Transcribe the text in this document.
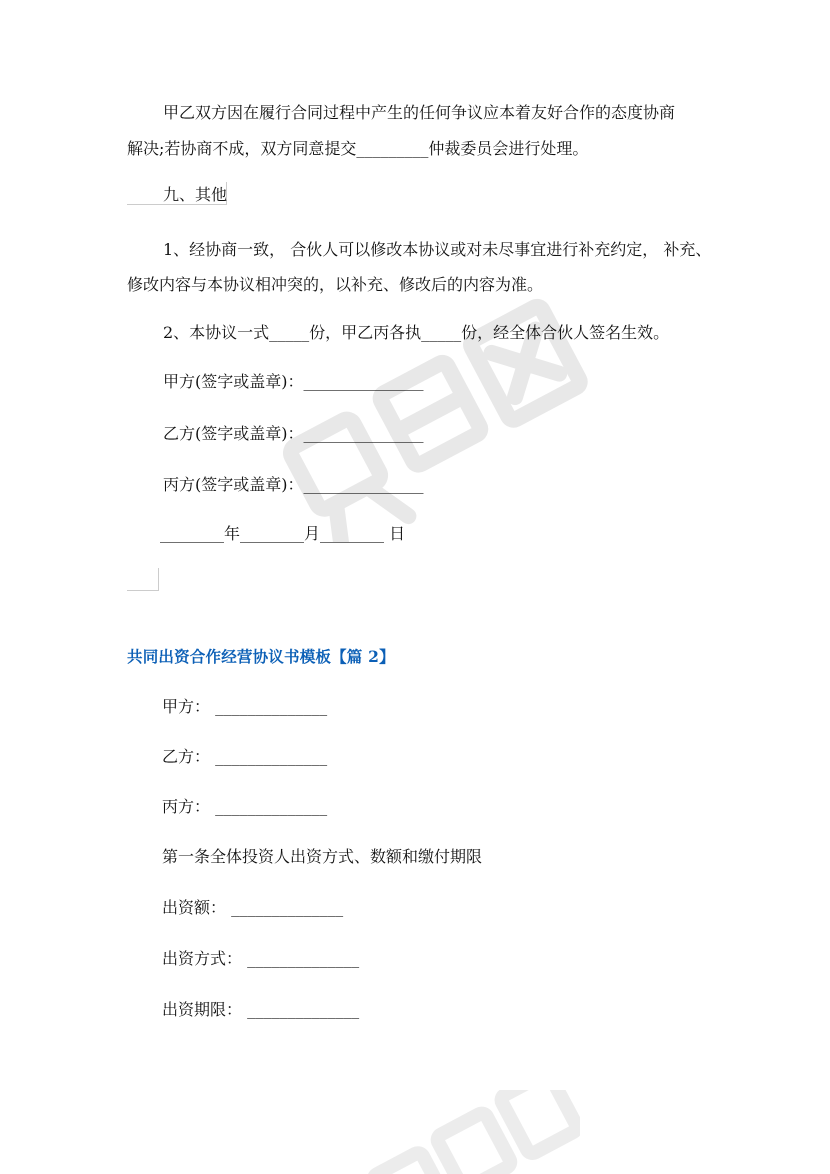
甲乙双方因在履行合同过程中产生的任何争议应本着友好合作的态度协商
解决;若协商不成，双方同意提交_________仲裁委员会进行处理。
九、其他
1、经协商一致， 合伙人可以修改本协议或对未尽事宜进行补充约定， 补充、
修改内容与本协议相冲突的，以补充、修改后的内容为准。
2、本协议一式_____份，甲乙丙各执_____份，经全体合伙人签名生效。
甲方(签字或盖章)：_______________
乙方(签字或盖章)：_______________
丙方(签字或盖章)：_______________
________年________月________ 日
共同出资合作经营协议书模板【篇 2】
甲方： ______________
乙方： ______________
丙方： ______________
第一条全体投资人出资方式、数额和缴付期限
出资额： ______________
出资方式： ______________
出资期限： ______________
